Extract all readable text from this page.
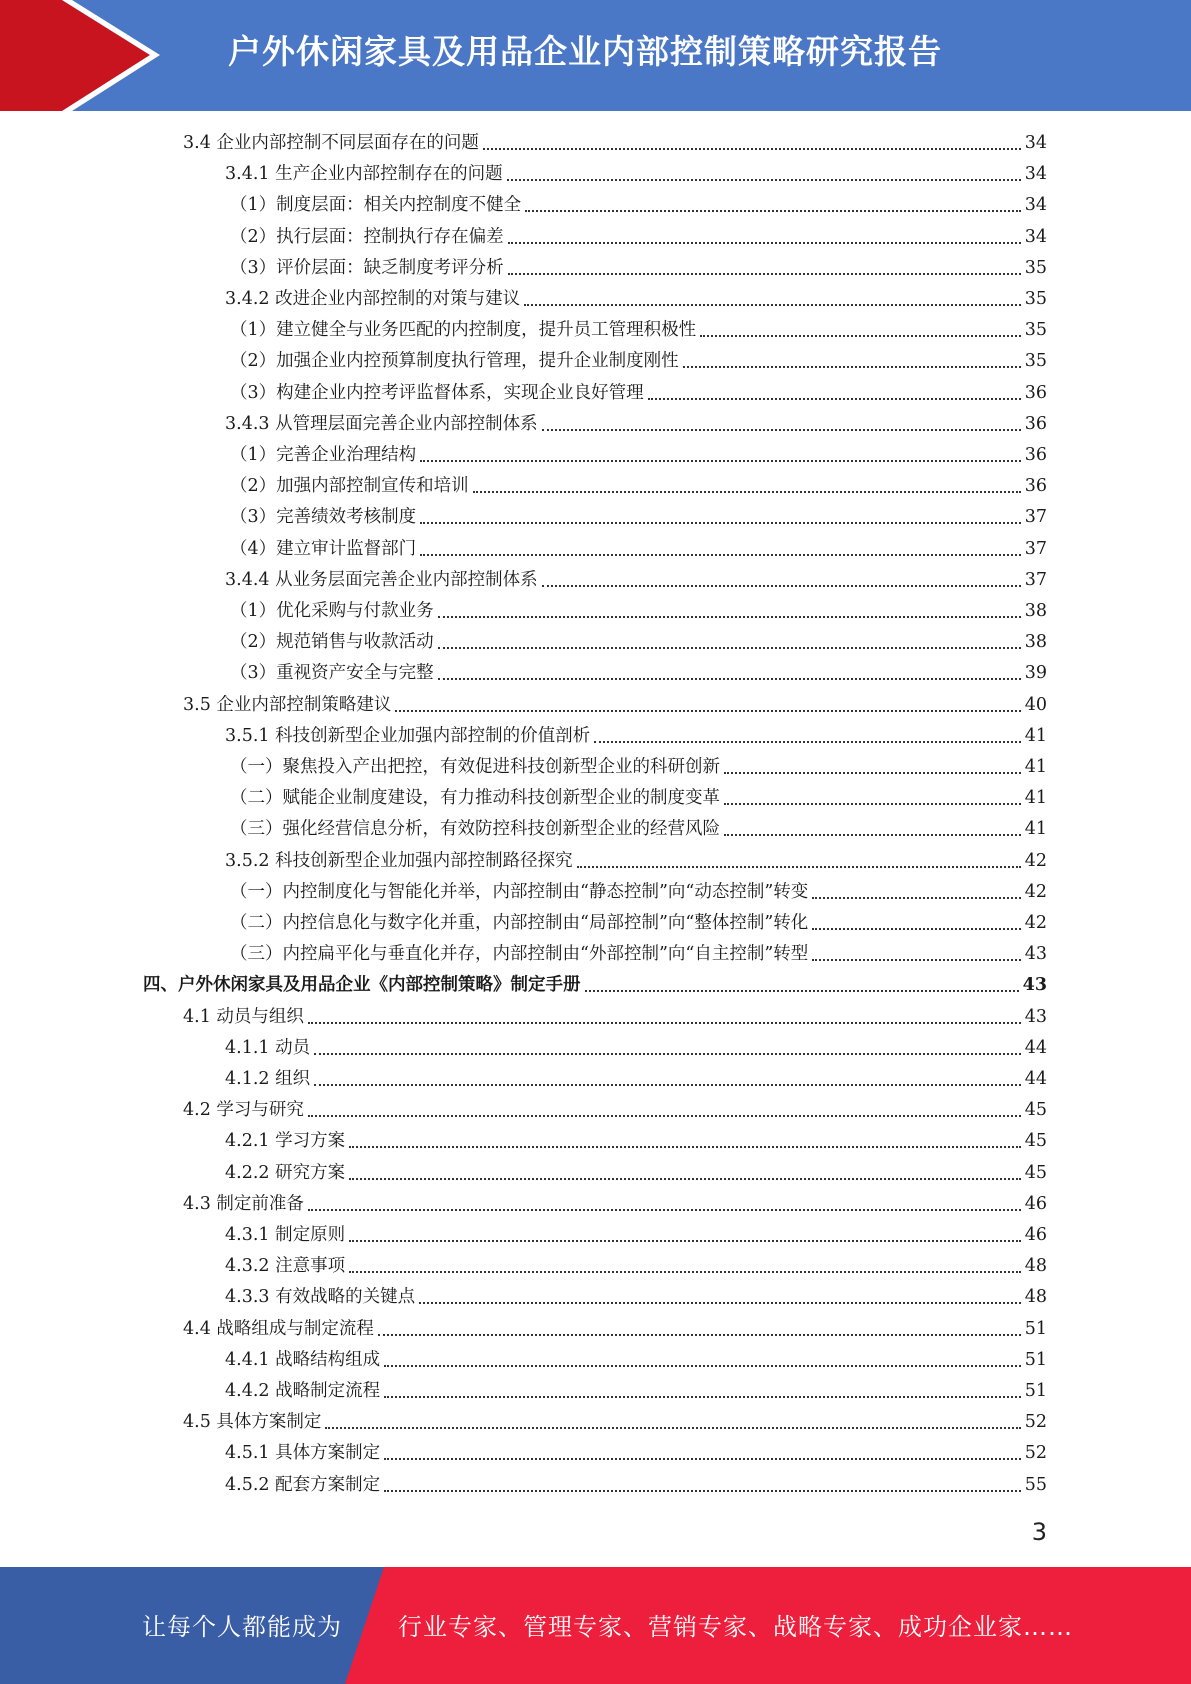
户外休闲家具及用品企业内部控制策略研究报告
3.4 企业内部控制不同层面存在的问题	34
3.4.1 生产企业内部控制存在的问题	34
（1）制度层面：相关内控制度不健全	34
（2）执行层面：控制执行存在偏差	34
（3）评价层面：缺乏制度考评分析	35
3.4.2 改进企业内部控制的对策与建议	35
（1）建立健全与业务匹配的内控制度，提升员工管理积极性	35
（2）加强企业内控预算制度执行管理，提升企业制度刚性	35
（3）构建企业内控考评监督体系，实现企业良好管理	36
3.4.3 从管理层面完善企业内部控制体系	36
（1）完善企业治理结构	36
（2）加强内部控制宣传和培训	36
（3）完善绩效考核制度	37
（4）建立审计监督部门	37
3.4.4 从业务层面完善企业内部控制体系	37
（1）优化采购与付款业务	38
（2）规范销售与收款活动	38
（3）重视资产安全与完整	39
3.5 企业内部控制策略建议	40
3.5.1 科技创新型企业加强内部控制的价值剖析	41
（一）聚焦投入产出把控，有效促进科技创新型企业的科研创新	41
（二）赋能企业制度建设，有力推动科技创新型企业的制度变革	41
（三）强化经营信息分析，有效防控科技创新型企业的经营风险	41
3.5.2 科技创新型企业加强内部控制路径探究	42
（一）内控制度化与智能化并举，内部控制由“静态控制”向“动态控制”转变	42
（二）内控信息化与数字化并重，内部控制由“局部控制”向“整体控制”转化	42
（三）内控扁平化与垂直化并存，内部控制由“外部控制”向“自主控制”转型	43
四、户外休闲家具及用品企业《内部控制策略》制定手册	43
4.1 动员与组织	43
4.1.1 动员	44
4.1.2 组织	44
4.2 学习与研究	45
4.2.1 学习方案	45
4.2.2 研究方案	45
4.3 制定前准备	46
4.3.1 制定原则	46
4.3.2 注意事项	48
4.3.3 有效战略的关键点	48
4.4 战略组成与制定流程	51
4.4.1 战略结构组成	51
4.4.2 战略制定流程	51
4.5 具体方案制定	52
4.5.1 具体方案制定	52
4.5.2 配套方案制定	55
3
让每个人都能成为 行业专家、管理专家、营销专家、战略专家、成功企业家……
